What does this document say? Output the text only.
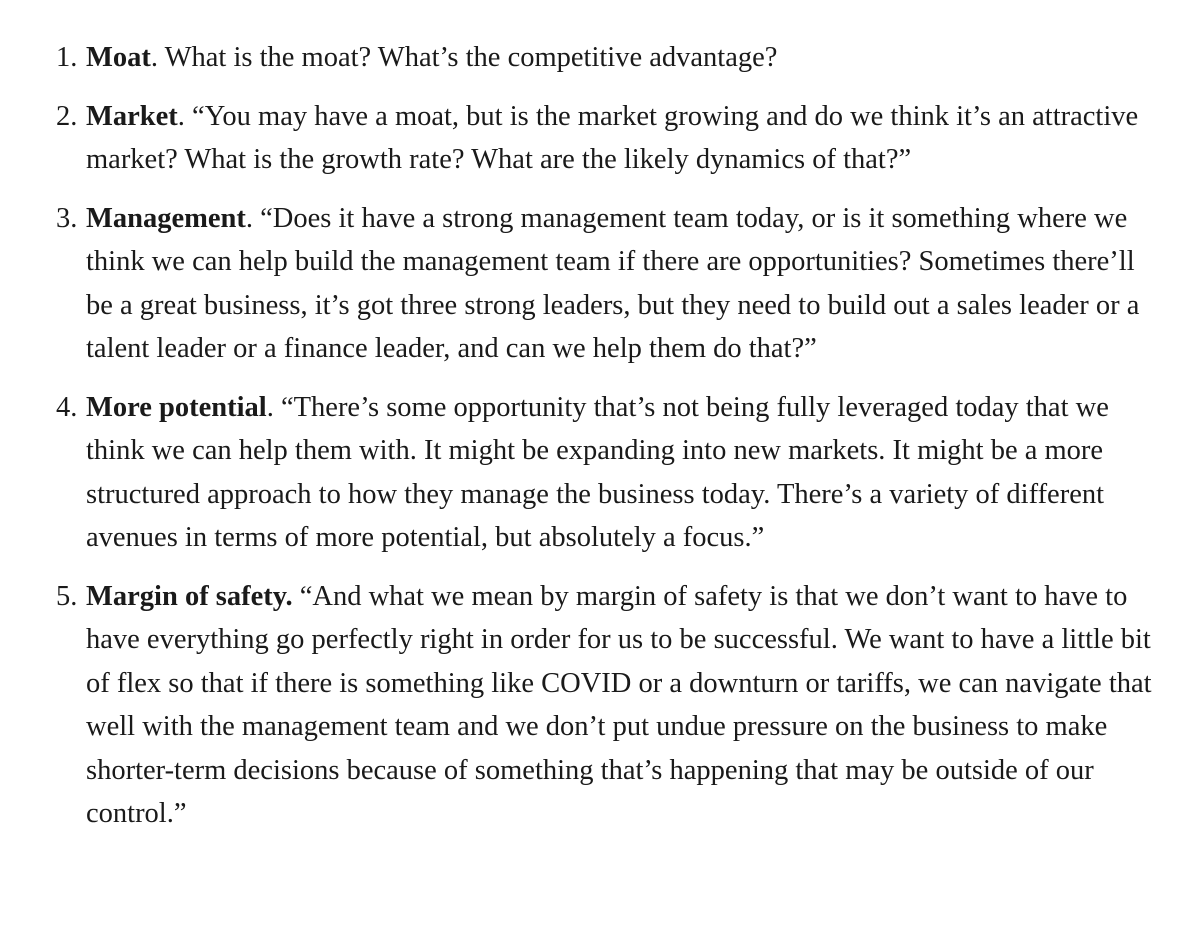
1. Moat. What is the moat? What’s the competitive advantage?
2. Market. “You may have a moat, but is the market growing and do we think it’s an attractive market? What is the growth rate? What are the likely dynamics of that?”
3. Management. “Does it have a strong management team today, or is it something where we think we can help build the management team if there are opportunities? Sometimes there’ll be a great business, it’s got three strong leaders, but they need to build out a sales leader or a talent leader or a finance leader, and can we help them do that?”
4. More potential. “There’s some opportunity that’s not being fully leveraged today that we think we can help them with. It might be expanding into new markets. It might be a more structured approach to how they manage the business today. There’s a variety of different avenues in terms of more potential, but absolutely a focus.”
5. Margin of safety. “And what we mean by margin of safety is that we don’t want to have to have everything go perfectly right in order for us to be successful. We want to have a little bit of flex so that if there is something like COVID or a downturn or tariffs, we can navigate that well with the management team and we don’t put undue pressure on the business to make shorter-term decisions because of something that’s happening that may be outside of our control.”
